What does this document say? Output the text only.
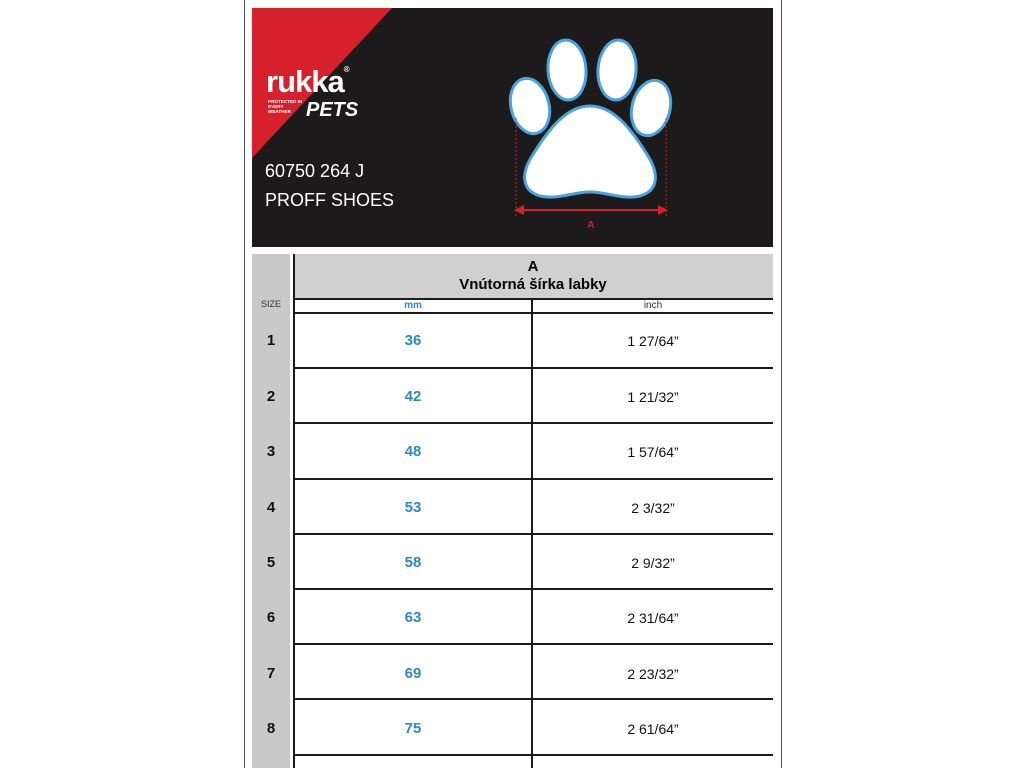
rukka®
PROTECTED IN EVERY WEATHER PETS
60750 264 J
PROFF SHOES
A
A
Vnútorná šírka labky
SIZE	mm	inch
1	36	1 27/64”
2	42	1 21/32”
3	48	1 57/64”
4	53	2 3/32”
5	58	2 9/32”
6	63	2 31/64”
7	69	2 23/32”
8	75	2 61/64”
